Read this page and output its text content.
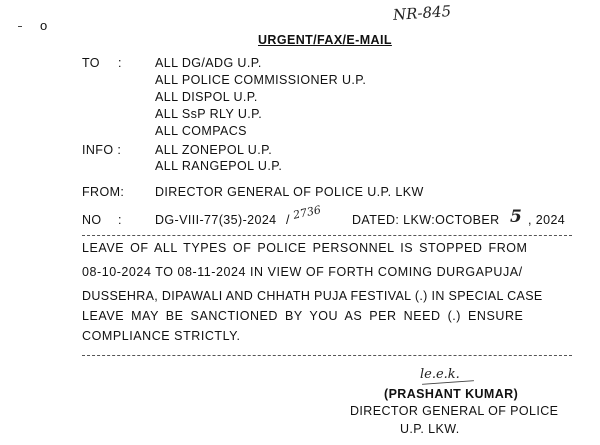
NR-845
o
URGENT/FAX/E-MAIL
TO :	ALL DG/ADG U.P.
ALL POLICE COMMISSIONER U.P.
ALL DISPOL U.P.
ALL SsP RLY U.P.
ALL COMPACS
INFO :	ALL ZONEPOL U.P.
ALL RANGEPOL U.P.
FROM: DIRECTOR GENERAL OF POLICE U.P. LKW
NO :	DG-VIII-77(35)-2024 / 2736 DATED: LKW:OCTOBER 5 , 2024
LEAVE OF ALL TYPES OF POLICE PERSONNEL IS STOPPED FROM
08-10-2024 TO 08-11-2024 IN VIEW OF FORTH COMING DURGAPUJA/
DUSSEHRA, DIPAWALI AND CHHATH PUJA FESTIVAL (.) IN SPECIAL CASE
LEAVE MAY BE SANCTIONED BY YOU AS PER NEED (.) ENSURE
COMPLIANCE STRICTLY.
le.e.k.
(PRASHANT KUMAR)
DIRECTOR GENERAL OF POLICE
U.P. LKW.
